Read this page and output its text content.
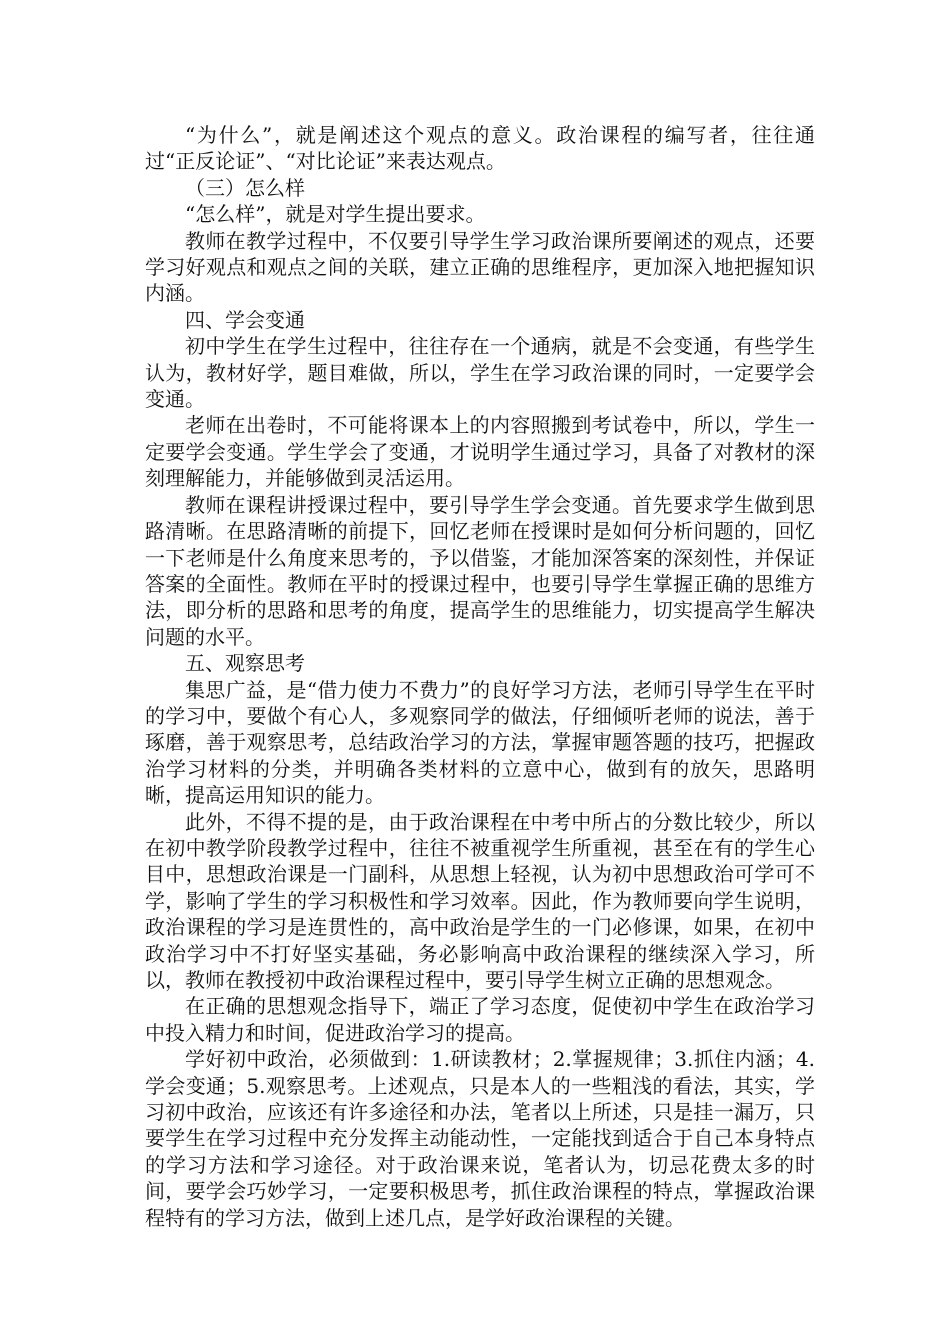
“为什么”，就是阐述这个观点的意义。政治课程的编写者，往往通过“正反论证”、“对比论证”来表达观点。

（三）怎么样

“怎么样”，就是对学生提出要求。

教师在教学过程中，不仅要引导学生学习政治课所要阐述的观点，还要学习好观点和观点之间的关联，建立正确的思维程序，更加深入地把握知识内涵。

四、学会变通

初中学生在学生过程中，往往存在一个通病，就是不会变通，有些学生认为，教材好学，题目难做，所以，学生在学习政治课的同时，一定要学会变通。

老师在出卷时，不可能将课本上的内容照搬到考试卷中，所以，学生一定要学会变通。学生学会了变通，才说明学生通过学习，具备了对教材的深刻理解能力，并能够做到灵活运用。

教师在课程讲授课过程中，要引导学生学会变通。首先要求学生做到思路清晰。在思路清晰的前提下，回忆老师在授课时是如何分析问题的，回忆一下老师是什么角度来思考的，予以借鉴，才能加深答案的深刻性，并保证答案的全面性。教师在平时的授课过程中，也要引导学生掌握正确的思维方法，即分析的思路和思考的角度，提高学生的思维能力，切实提高学生解决问题的水平。

五、观察思考

集思广益，是“借力使力不费力”的良好学习方法，老师引导学生在平时的学习中，要做个有心人，多观察同学的做法，仔细倾听老师的说法，善于琢磨，善于观察思考，总结政治学习的方法，掌握审题答题的技巧，把握政治学习材料的分类，并明确各类材料的立意中心，做到有的放矢，思路明晰，提高运用知识的能力。

此外，不得不提的是，由于政治课程在中考中所占的分数比较少，所以在初中教学阶段教学过程中，往往不被重视学生所重视，甚至在有的学生心目中，思想政治课是一门副科，从思想上轻视，认为初中思想政治可学可不学，影响了学生的学习积极性和学习效率。因此，作为教师要向学生说明，政治课程的学习是连贯性的，高中政治是学生的一门必修课，如果，在初中政治学习中不打好坚实基础，务必影响高中政治课程的继续深入学习，所以，教师在教授初中政治课程过程中，要引导学生树立正确的思想观念。

在正确的思想观念指导下，端正了学习态度，促使初中学生在政治学习中投入精力和时间，促进政治学习的提高。

学好初中政治，必须做到：1.研读教材；2.掌握规律；3.抓住内涵；4.学会变通；5.观察思考。上述观点，只是本人的一些粗浅的看法，其实，学习初中政治，应该还有许多途径和办法，笔者以上所述，只是挂一漏万，只要学生在学习过程中充分发挥主动能动性，一定能找到适合于自己本身特点的学习方法和学习途径。对于政治课来说，笔者认为，切忌花费太多的时间，要学会巧妙学习，一定要积极思考，抓住政治课程的特点，掌握政治课程特有的学习方法，做到上述几点，是学好政治课程的关键。
